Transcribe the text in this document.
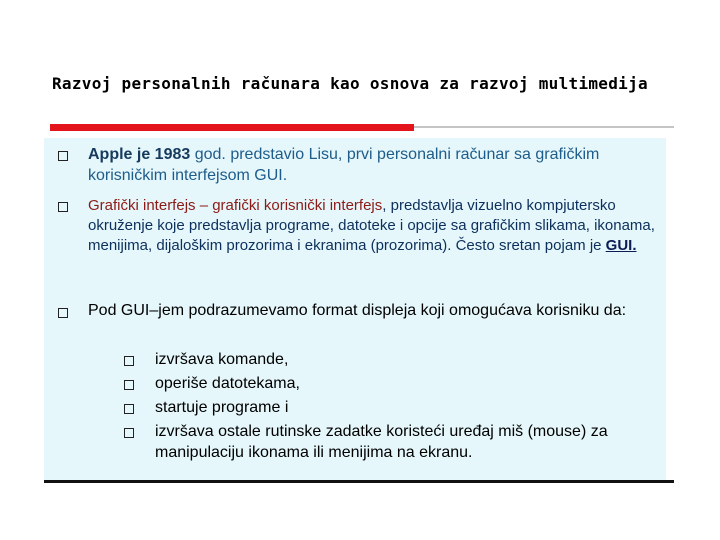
Razvoj personalnih računara kao osnova za razvoj multimedija
Apple je 1983 god. predstavio Lisu, prvi personalni računar sa grafičkim korisničkim interfejsom GUI.
Grafički interfejs – grafički korisnički interfejs, predstavlja vizuelno kompjutersko okruženje koje predstavlja programe, datoteke i opcije sa grafičkim slikama, ikonama, menijima, dijaloškim prozorima i ekranima (prozorima). Često sretan pojam je GUI.
Pod GUI–jem podrazumevamo format displeja koji omogućava korisniku da:
izvršava komande,
operiše datotekama,
startuje programe i
izvršava ostale rutinske zadatke koristeći uređaj miš (mouse) za manipulaciju ikonama ili menijima na ekranu.
